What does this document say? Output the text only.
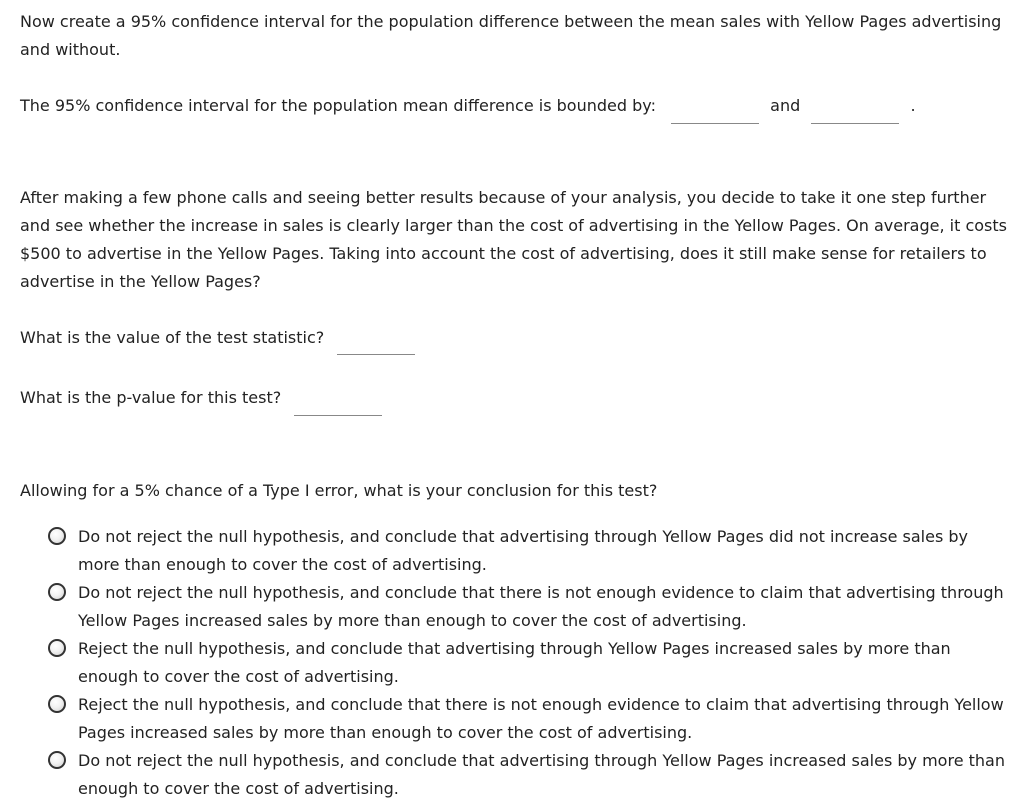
Now create a 95% confidence interval for the population difference between the mean sales with Yellow Pages advertising and without.

The 95% confidence interval for the population mean difference is bounded by:	and	.

After making a few phone calls and seeing better results because of your analysis, you decide to take it one step further and see whether the increase in sales is clearly larger than the cost of advertising in the Yellow Pages. On average, it costs $500 to advertise in the Yellow Pages. Taking into account the cost of advertising, does it still make sense for retailers to advertise in the Yellow Pages?

What is the value of the test statistic?

What is the p-value for this test?

Allowing for a 5% chance of a Type I error, what is your conclusion for this test?

Do not reject the null hypothesis, and conclude that advertising through Yellow Pages did not increase sales by more than enough to cover the cost of advertising.
Do not reject the null hypothesis, and conclude that there is not enough evidence to claim that advertising through Yellow Pages increased sales by more than enough to cover the cost of advertising.
Reject the null hypothesis, and conclude that advertising through Yellow Pages increased sales by more than enough to cover the cost of advertising.
Reject the null hypothesis, and conclude that there is not enough evidence to claim that advertising through Yellow Pages increased sales by more than enough to cover the cost of advertising.
Do not reject the null hypothesis, and conclude that advertising through Yellow Pages increased sales by more than enough to cover the cost of advertising.
